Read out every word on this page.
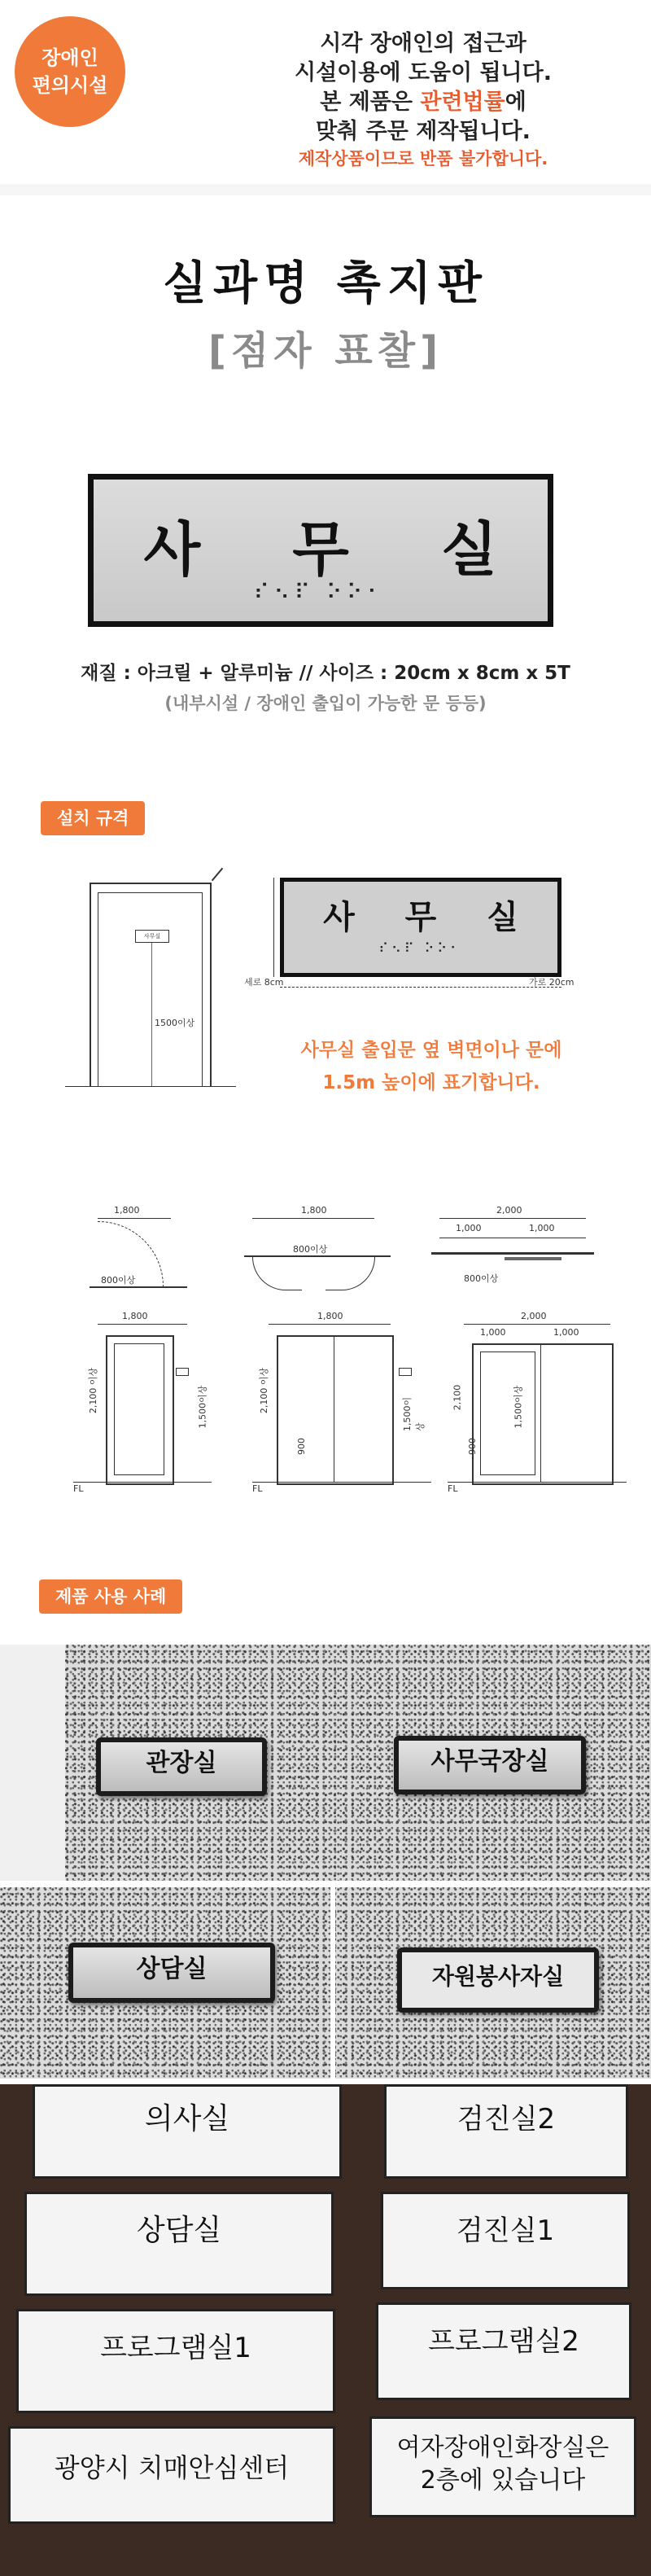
장애인
편의시설
시각 장애인의 접근과
시설이용에 도움이 됩니다.
본 제품은 관련법률에
맞춰 주문 제작됩니다.
제작상품이므로 반품 불가합니다.
실과명 촉지판
[점자 표찰]
사 무 실
⠎⠢⠏ ⠕⠕⠂
재질 : 아크릴 + 알루미늄 // 사이즈 : 20cm x 8cm x 5T
(내부시설 / 장애인 출입이 가능한 문 등등)
설치 규격
사무실
1500이상
사 무 실
⠎⠢⠏ ⠕⠕⠂
세로 8cm	가로 20cm
사무실 출입문 옆 벽면이나 문에
1.5m 높이에 표기합니다.
1,800
800이상
1,800
800이상
2,000
1,000	1,000
800이상
1,800
2,100 이상	1,500이상
FL
1,800
2,100 이상
900
1,500이상
FL
2,000
1,000	1,000
2,100
900
1,500이상
FL
제품 사용 사례
관장실	사무국장실
상담실	자원봉사자실
의사실	검진실2
상담실	검진실1
프로그램실1	프로그램실2
광양시 치매안심센터
여자장애인화장실은
2층에 있습니다
